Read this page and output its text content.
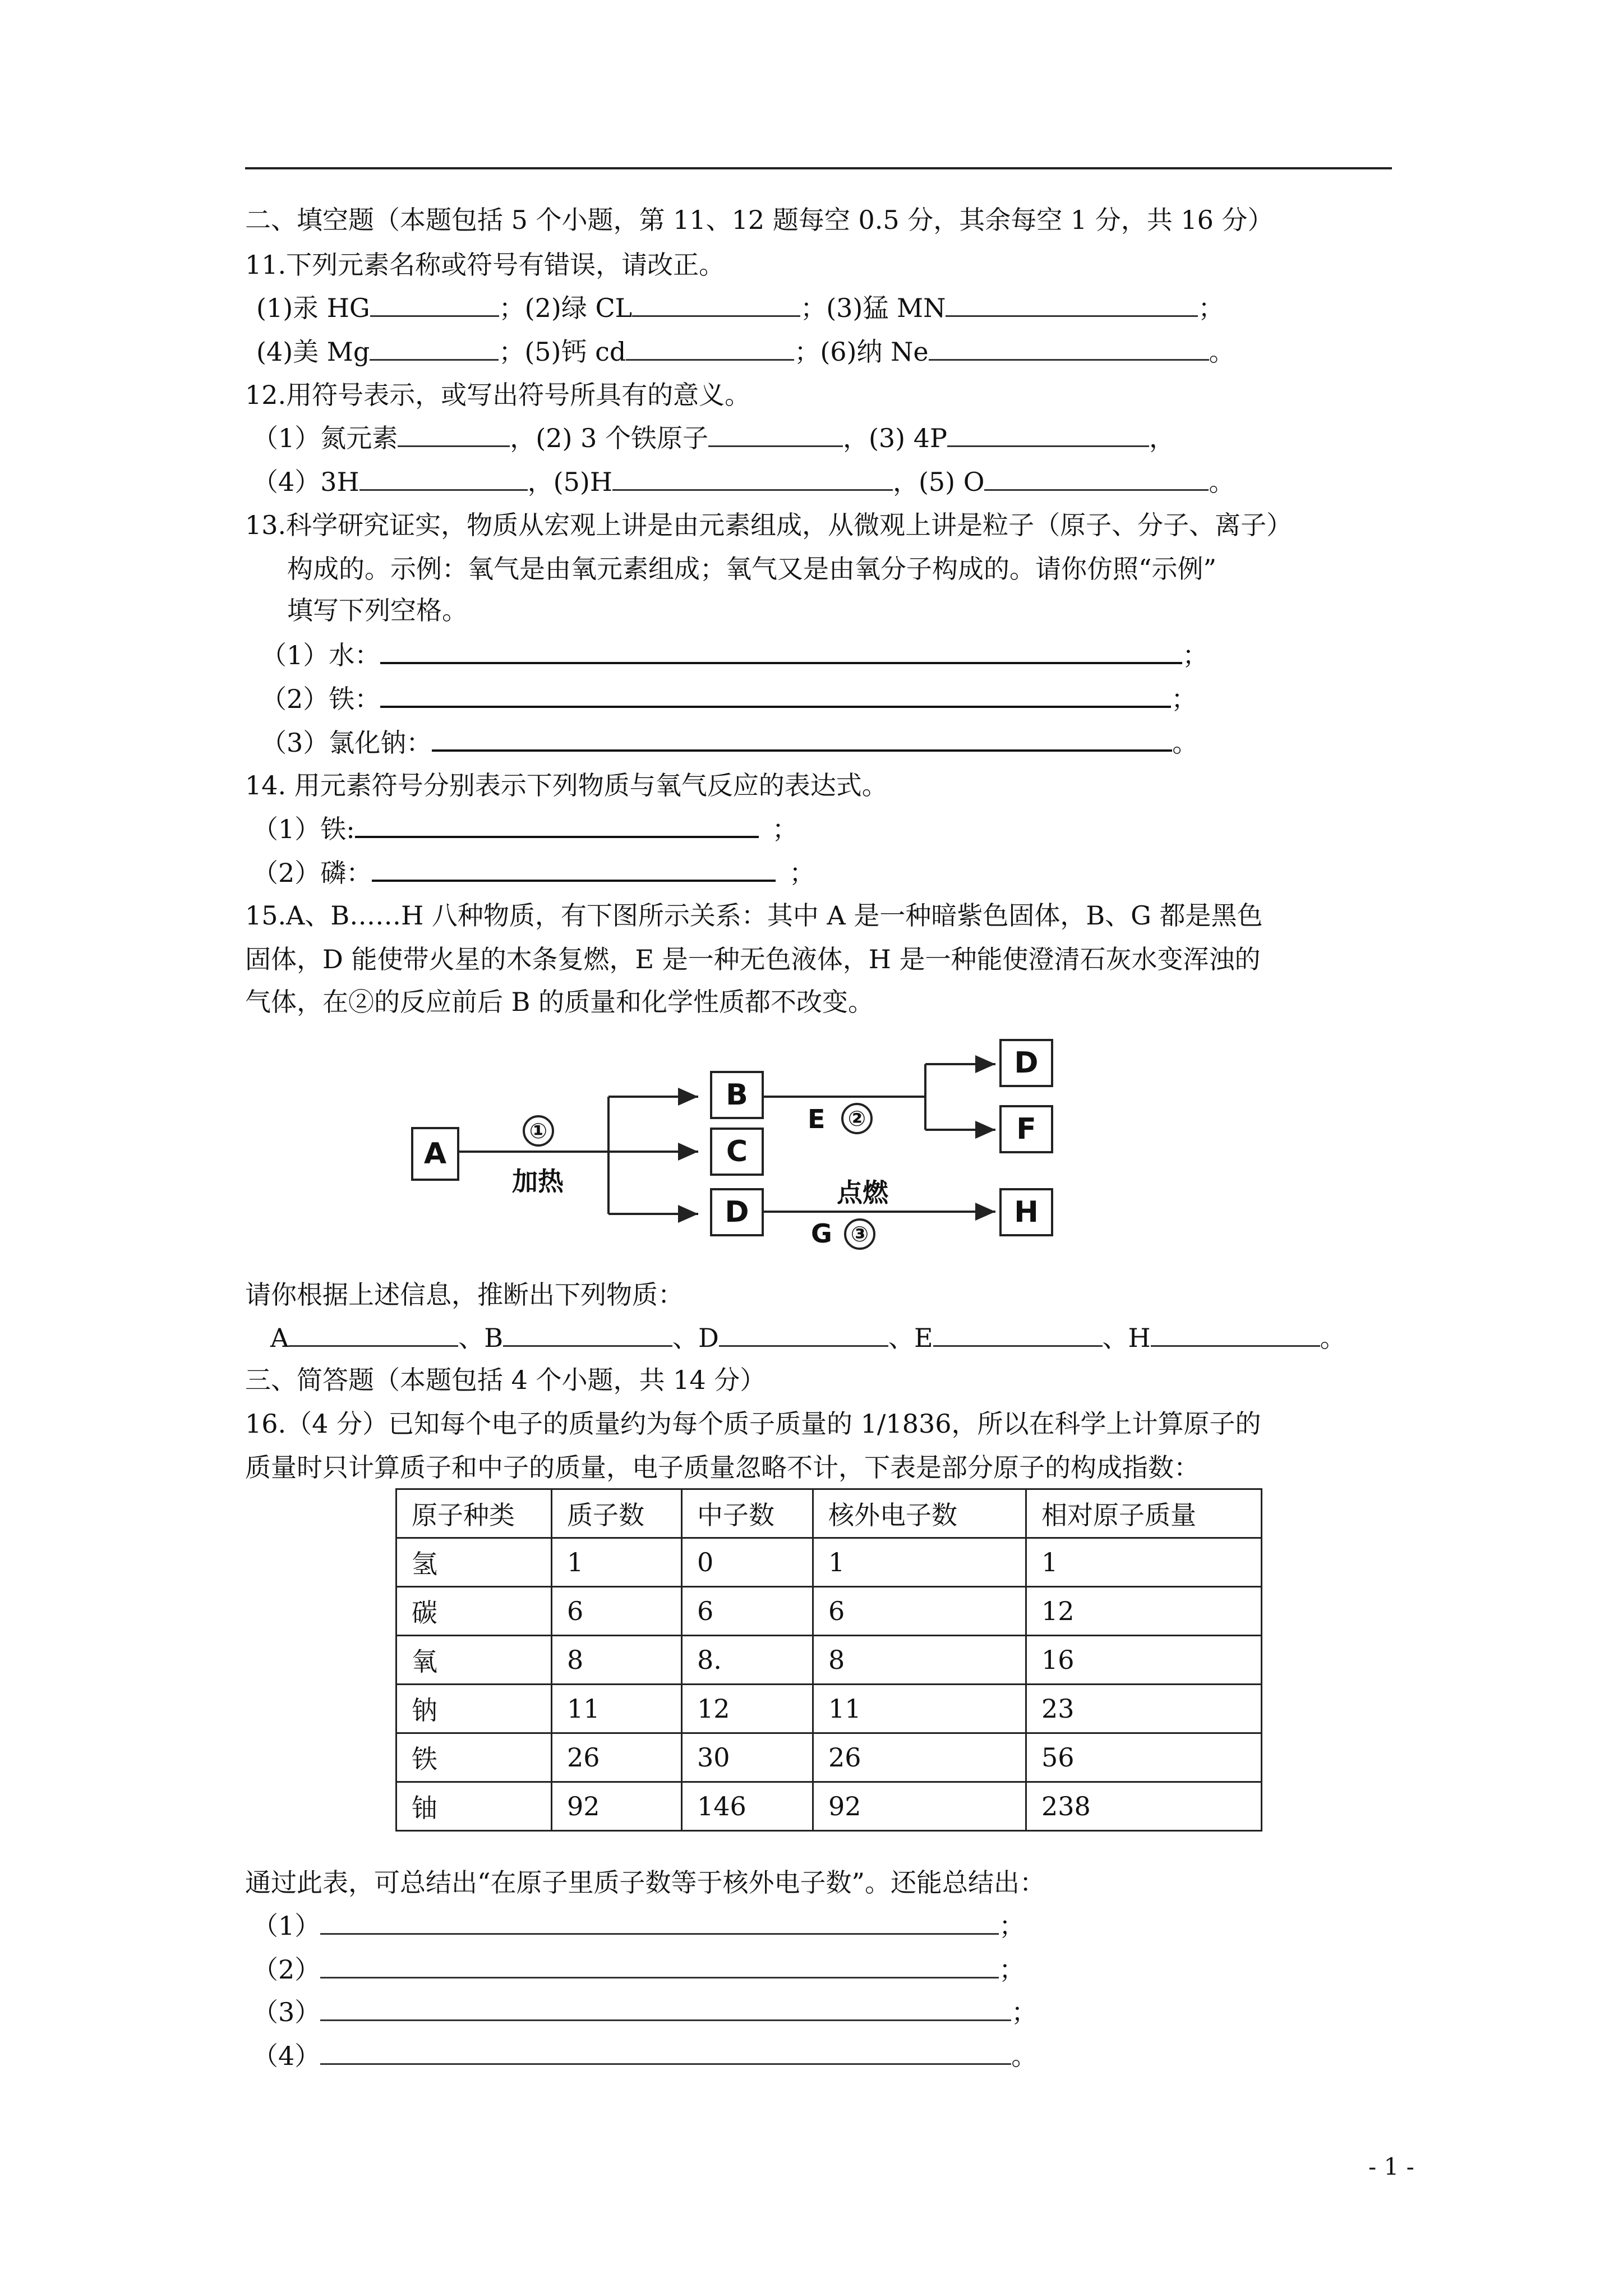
二、填空题（本题包括 5 个小题，第 11、12 题每空 0.5 分，其余每空 1 分，共 16 分）
11.下列元素名称或符号有错误，请改正。
(1)汞 HG	；(2)绿 CL	；(3)猛 MN	；
(4)美 Mg	；(5)钙 cd	；(6)纳 Ne	。
12.用符号表示，或写出符号所具有的意义。
（1）氮元素	，(2) 3 个铁原子	，(3) 4P	，
（4）3H	，(5)H	，(5) O	。
13.科学研究证实，物质从宏观上讲是由元素组成，从微观上讲是粒子（原子、分子、离子）
构成的。示例：氧气是由氧元素组成；氧气又是由氧分子构成的。请你仿照“示例”
填写下列空格。
（1）水：	；
（2）铁：	；
（3）氯化钠：	。
14. 用元素符号分别表示下列物质与氧气反应的表达式。
（1）铁:	；
（2）磷：	；
15.A、B……H 八种物质，有下图所示关系：其中 A 是一种暗紫色固体，B、G 都是黑色
固体，D 能使带火星的木条复燃，E 是一种无色液体，H 是一种能使澄清石灰水变浑浊的
气体，在②的反应前后 B 的质量和化学性质都不改变。
A
B
C
D
D
F
H
①
加热
E	②
点燃
G ③
请你根据上述信息，推断出下列物质：
A	、B	、D	、E	、H	。
三、简答题（本题包括 4 个小题，共 14 分）
16.（4 分）已知每个电子的质量约为每个质子质量的 1/1836，所以在科学上计算原子的
质量时只计算质子和中子的质量，电子质量忽略不计，下表是部分原子的构成指数：
原子种类	质子数	中子数	核外电子数	相对原子质量
氢	1	0	1	1
碳	6	6	6	12
氧	8	8.	8	16
钠	11	12	11	23
铁	26	30	26	56
铀	92	146	92	238
通过此表，可总结出“在原子里质子数等于核外电子数”。还能总结出：
（1）	；
（2）	；
（3）	；
（4）	。
- 1 -
